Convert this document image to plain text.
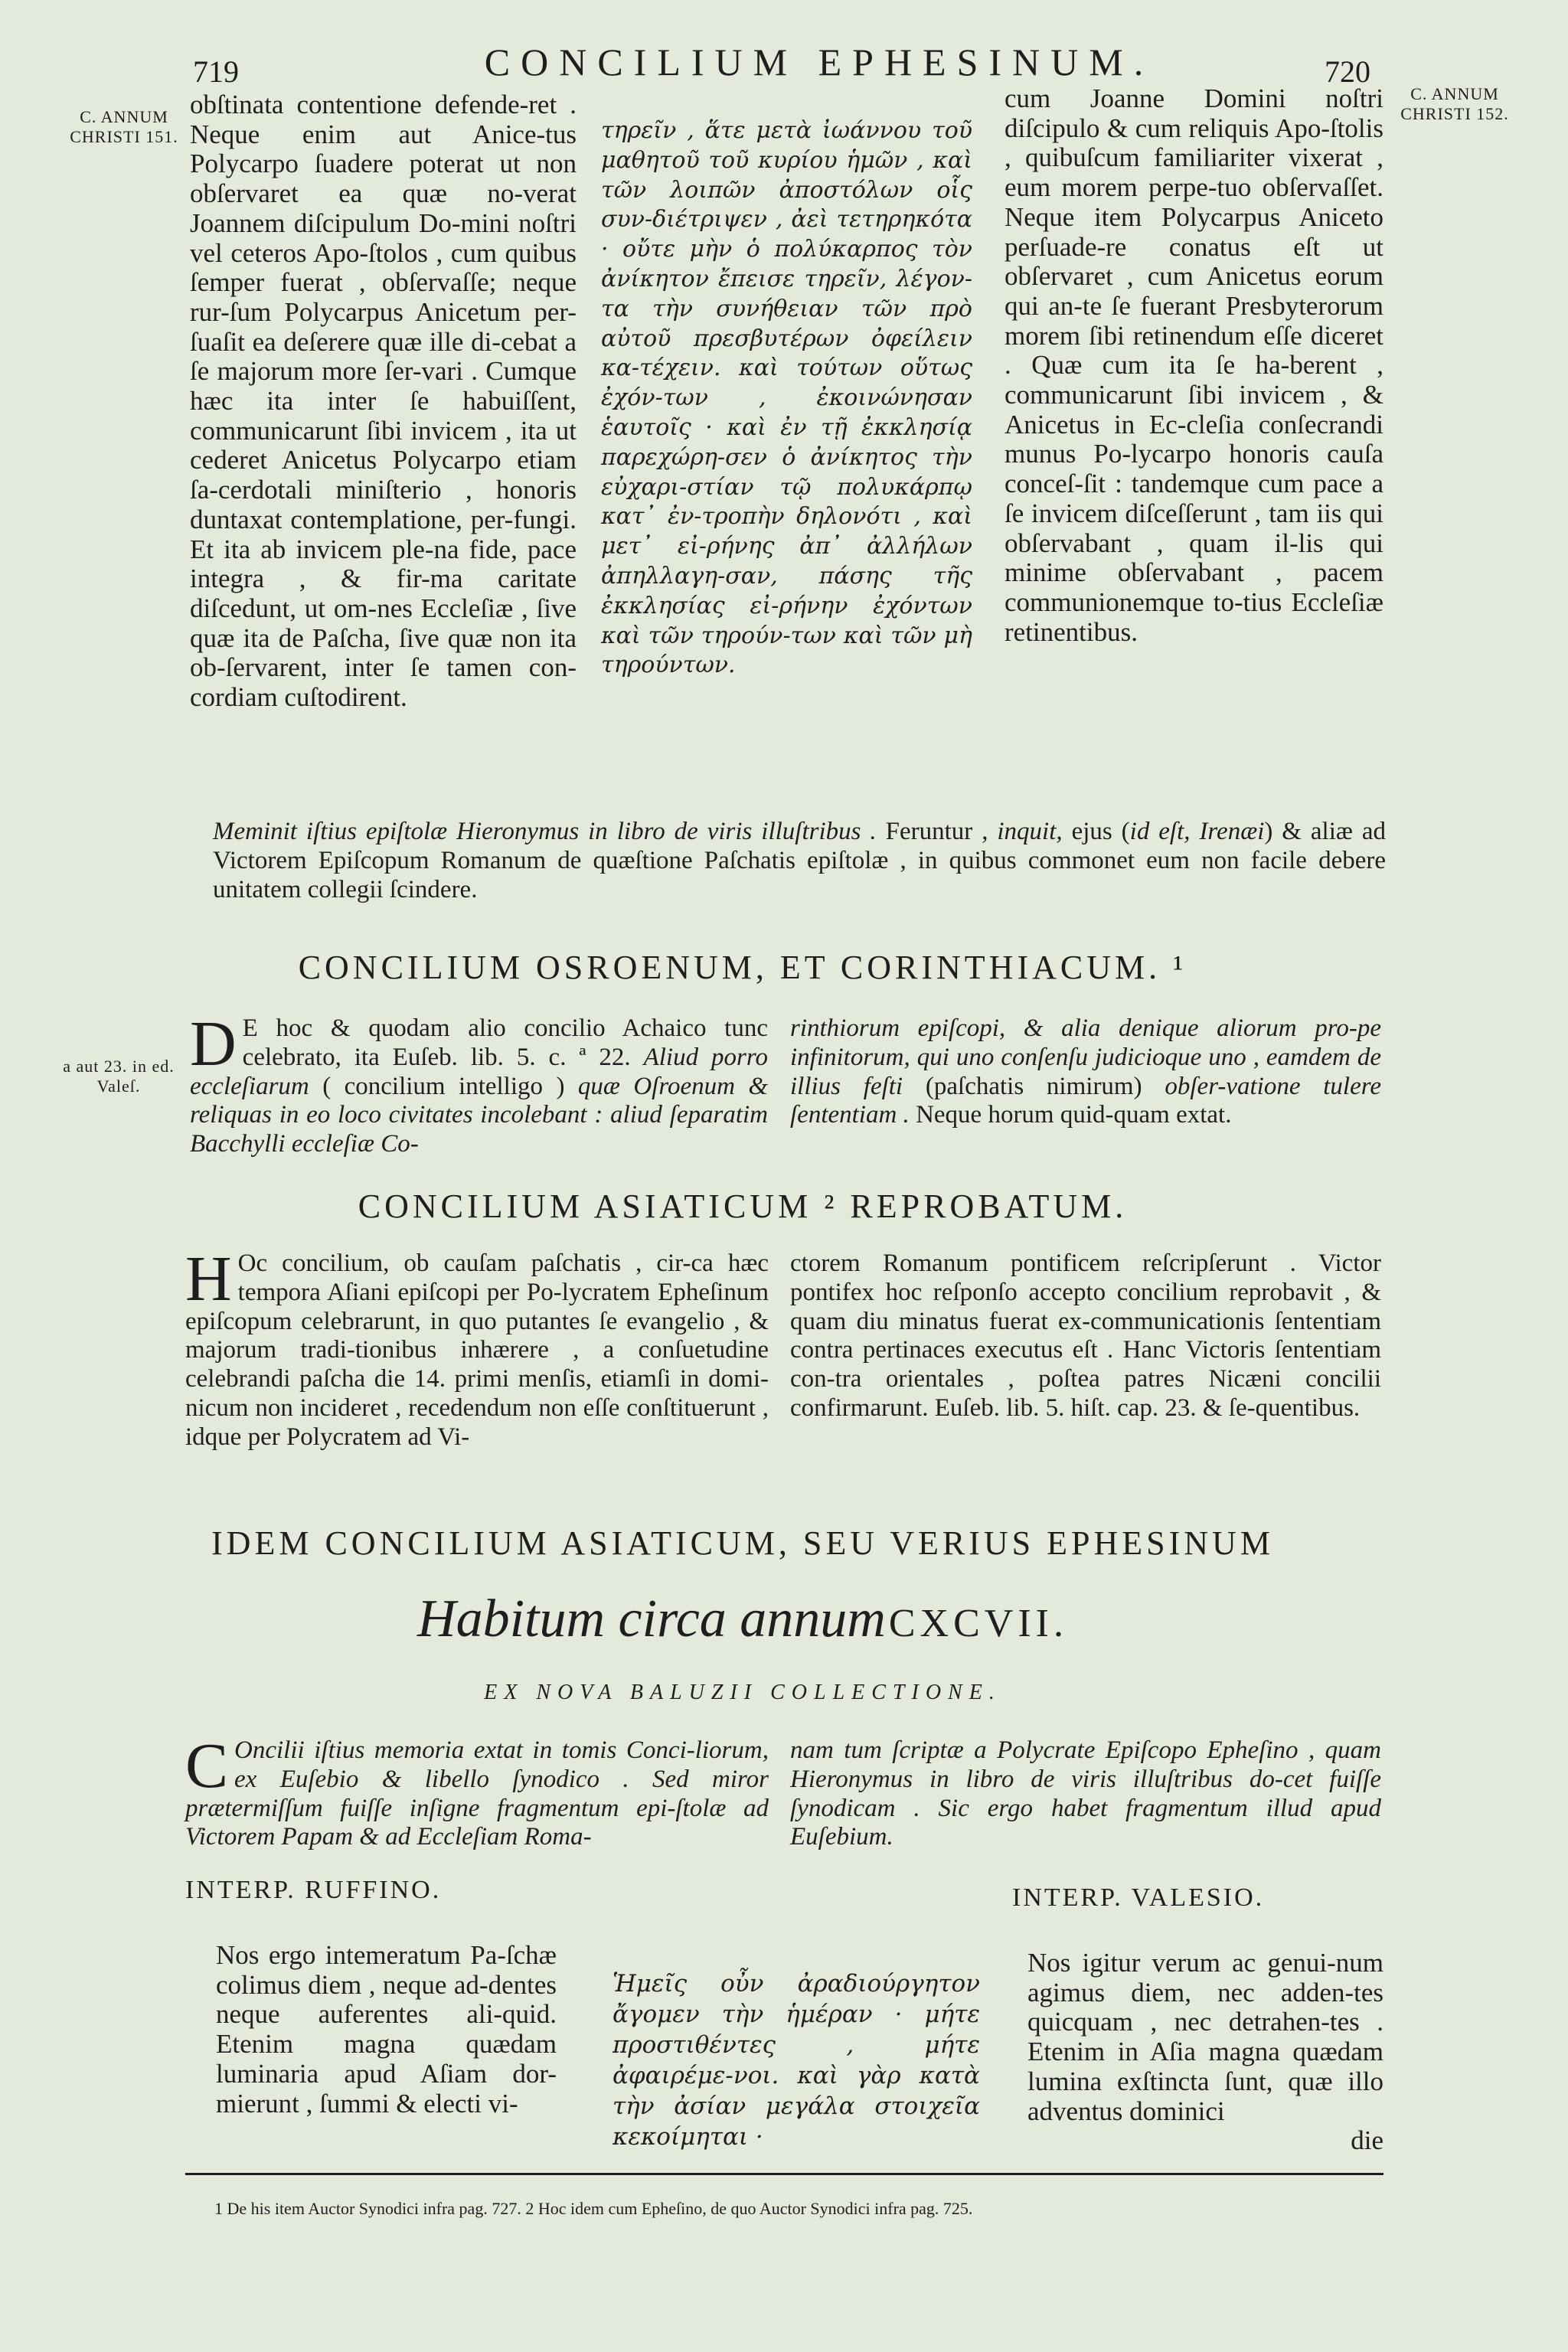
719	CONCILIUM EPHESINUM.	720
C. ANNUM CHRISTI 151.
C. ANNUM CHRISTI 152.
a aut 23. in ed. Valeſ.

obſtinata contentione defende-ret . Neque enim aut Anice-tus Polycarpo ſuadere poterat ut non obſervaret ea quæ no-verat Joannem diſcipulum Do-mini noſtri vel ceteros Apo-ſtolos , cum quibus ſemper fuerat , obſervaſſe; neque rur-ſum Polycarpus Anicetum per-ſuaſit ea deſerere quæ ille di-cebat a ſe majorum more ſer-vari . Cumque hæc ita inter ſe habuiſſent, communicarunt ſibi invicem , ita ut cederet Anicetus Polycarpo etiam ſa-cerdotali miniſterio , honoris duntaxat contemplatione, per-fungi. Et ita ab invicem ple-na fide, pace integra , & fir-ma caritate diſcedunt, ut om-nes Eccleſiæ , ſive quæ ita de Paſcha, ſive quæ non ita ob-ſervarent, inter ſe tamen con-cordiam cuſtodirent.

τηρεῖν , ἅτε μετὰ ἰωάννου τοῦ μαθητοῦ τοῦ κυρίου ἡμῶν , καὶ τῶν λοιπῶν ἀποστόλων οἷς συν-διέτριψεν , ἀεὶ τετηρηκότα · οὔτε μὴν ὁ πολύκαρπος τὸν ἀνίκητον ἔπεισε τηρεῖν, λέγον-τα τὴν συνήθειαν τῶν πρὸ αὐτοῦ πρεσβυτέρων ὀφείλειν κα-τέχειν. καὶ τούτων οὕτως ἐχόν-των , ἐκοινώνησαν ἑαυτοῖς · καὶ ἐν τῇ ἐκκλησίᾳ παρεχώρη-σεν ὁ ἀνίκητος τὴν εὐχαρι-στίαν τῷ πολυκάρπῳ κατ᾽ ἐν-τροπὴν δηλονότι , καὶ μετ᾽ εἰ-ρήνης ἀπ᾽ ἀλλήλων ἀπηλλαγη-σαν, πάσης τῆς ἐκκλησίας εἰ-ρήνην ἐχόντων καὶ τῶν τηρούν-των καὶ τῶν μὴ τηρούντων.

cum Joanne Domini noſtri diſcipulo & cum reliquis Apo-ſtolis , quibuſcum familiariter vixerat , eum morem perpe-tuo obſervaſſet. Neque item Polycarpus Aniceto perſuade-re conatus eſt ut obſervaret , cum Anicetus eorum qui an-te ſe fuerant Presbyterorum morem ſibi retinendum eſſe diceret . Quæ cum ita ſe ha-berent , communicarunt ſibi invicem , & Anicetus in Ec-cleſia conſecrandi munus Po-lycarpo honoris cauſa conceſ-ſit : tandemque cum pace a ſe invicem diſceſſerunt , tam iis qui obſervabant , quam il-lis qui minime obſervabant , pacem communionemque to-tius Eccleſiæ retinentibus.

Meminit iſtius epiſtolæ Hieronymus in libro de viris illuſtribus . Feruntur , inquit, ejus (id eſt, Irenæi) & aliæ ad Victorem Epiſcopum Romanum de quæſtione Paſchatis epiſtolæ , in quibus commonet eum non facile debere unitatem collegii ſcindere.
CONCILIUM OSROENUM, ET CORINTHIACUM. ¹
D E hoc & quodam alio concilio Achaico tunc celebrato, ita Euſeb. lib. 5. c. ª 22. Aliud porro eccleſiarum ( concilium intelligo ) quæ Oſroenum & reliquas in eo loco civitates incolebant : aliud ſeparatim Bacchylli eccleſiæ Co-
rinthiorum epiſcopi, & alia denique aliorum pro-pe infinitorum, qui uno conſenſu judicioque uno , eamdem de illius feſti (paſchatis nimirum) obſer-vatione tulere ſententiam . Neque horum quid-quam extat.
CONCILIUM ASIATICUM ² REPROBATUM.
H Oc concilium, ob cauſam paſchatis , cir-ca hæc tempora Aſiani epiſcopi per Po-lycratem Epheſinum epiſcopum celebrarunt, in quo putantes ſe evangelio , & majorum tradi-tionibus inhærere , a conſuetudine celebrandi paſcha die 14. primi menſis, etiamſi in domi-nicum non incideret , recedendum non eſſe conſtituerunt , idque per Polycratem ad Vi-
ctorem Romanum pontificem reſcripſerunt . Victor pontifex hoc reſponſo accepto concilium reprobavit , & quam diu minatus fuerat ex-communicationis ſententiam contra pertinaces executus eſt . Hanc Victoris ſententiam con-tra orientales , poſtea patres Nicæni concilii confirmarunt. Euſeb. lib. 5. hiſt. cap. 23. & ſe-quentibus.
IDEM CONCILIUM ASIATICUM, SEU VERIUS EPHESINUM
Habitum circa annum CXCVII.
EX NOVA BALUZII COLLECTIONE.
C Oncilii iſtius memoria extat in tomis Conci-liorum, ex Euſebio & libello ſynodico . Sed miror prætermiſſum fuiſſe inſigne fragmentum epi-ſtolæ ad Victorem Papam & ad Eccleſiam Roma-
nam tum ſcriptæ a Polycrate Epiſcopo Epheſino , quam Hieronymus in libro de viris illuſtribus do-cet fuiſſe ſynodicam . Sic ergo habet fragmentum illud apud Euſebium.
INTERP. RUFFINO.	INTERP. VALESIO.

Nos ergo intemeratum Pa-ſchæ colimus diem , neque ad-dentes neque auferentes ali-quid. Etenim magna quædam luminaria apud Aſiam dor-mierunt , ſummi & electi vi-

Ἡμεῖς οὖν ἀραδιούργητον ἄγομεν τὴν ἡμέραν · μήτε προστιθέντες , μήτε ἀφαιρέμε-νοι. καὶ γὰρ κατὰ τὴν ἀσίαν μεγάλα στοιχεῖα κεκοίμηται ·

Nos igitur verum ac genui-num agimus diem, nec adden-tes quicquam , nec detrahen-tes . Etenim in Aſia magna quædam lumina exſtincta ſunt, quæ illo adventus dominici

die

1 De his item Auctor Synodici infra pag. 727. 2 Hoc idem cum Epheſino, de quo Auctor Synodici infra pag. 725.
